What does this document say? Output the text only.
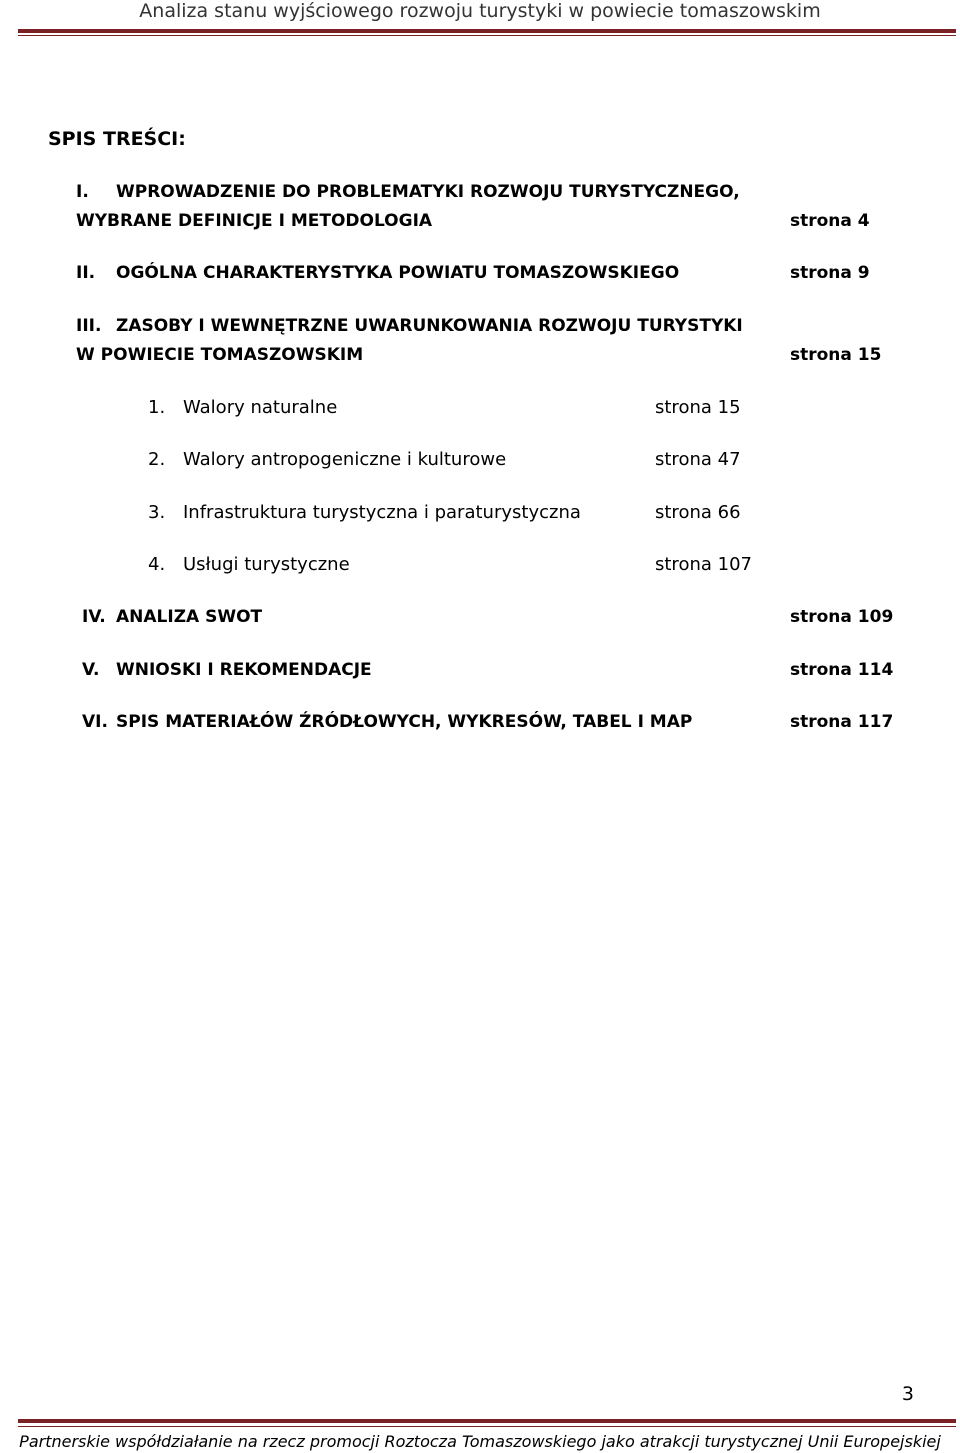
Analiza stanu wyjściowego rozwoju turystyki w powiecie tomaszowskim
SPIS TREŚCI:
I. WPROWADZENIE DO PROBLEMATYKI ROZWOJU TURYSTYCZNEGO,
WYBRANE DEFINICJE I METODOLOGIA	strona 4
II. OGÓLNA CHARAKTERYSTYKA POWIATU TOMASZOWSKIEGO	strona 9
III. ZASOBY I WEWNĘTRZNE UWARUNKOWANIA ROZWOJU TURYSTYKI
W POWIECIE TOMASZOWSKIM	strona 15
1. Walory naturalne	strona 15
2. Walory antropogeniczne i kulturowe	strona 47
3. Infrastruktura turystyczna i paraturystyczna	strona 66
4. Usługi turystyczne	strona 107
IV. ANALIZA SWOT	strona 109
V. WNIOSKI I REKOMENDACJE	strona 114
VI. SPIS MATERIAŁÓW ŹRÓDŁOWYCH, WYKRESÓW, TABEL I MAP	strona 117
3
Partnerskie współdziałanie na rzecz promocji Roztocza Tomaszowskiego jako atrakcji turystycznej Unii Europejskiej
